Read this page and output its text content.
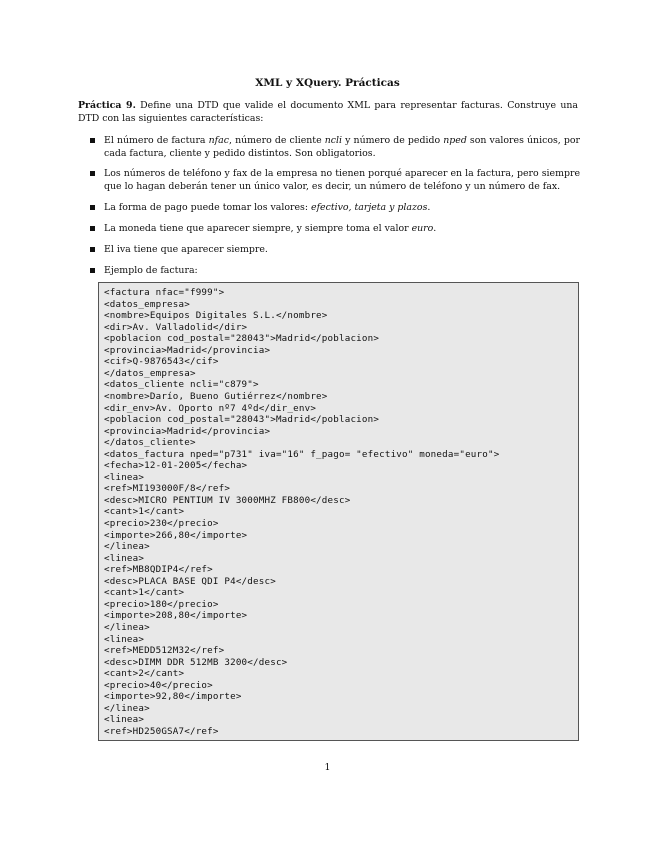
XML y XQuery. Prácticas
Práctica 9. Define una DTD que valide el documento XML para representar facturas. Construye una DTD con las siguientes características:
El número de factura nfac, número de cliente ncli y número de pedido nped son valores únicos, por cada factura, cliente y pedido distintos. Son obligatorios.
Los números de teléfono y fax de la empresa no tienen porqué aparecer en la factura, pero siempre que lo hagan deberán tener un único valor, es decir, un número de teléfono y un número de fax.
La forma de pago puede tomar los valores: efectivo, tarjeta y plazos.
La moneda tiene que aparecer siempre, y siempre toma el valor euro.
El iva tiene que aparecer siempre.
Ejemplo de factura:
<factura nfac="f999">
<datos_empresa>
<nombre>Equipos Digitales S.L.</nombre>
<dir>Av. Valladolid</dir>
<poblacion cod_postal="28043">Madrid</poblacion>
<provincia>Madrid</provincia>
<cif>Q-9876543</cif>
</datos_empresa>
<datos_cliente ncli="c879">
<nombre>Darío, Bueno Gutiérrez</nombre>
<dir_env>Av. Oporto nº7 4ºd</dir_env>
<poblacion cod_postal="28043">Madrid</poblacion>
<provincia>Madrid</provincia>
</datos_cliente>
<datos_factura nped="p731" iva="16" f_pago= "efectivo" moneda="euro">
<fecha>12-01-2005</fecha>
<linea>
<ref>MI193000F/8</ref>
<desc>MICRO PENTIUM IV 3000MHZ FB800</desc>
<cant>1</cant>
<precio>230</precio>
<importe>266,80</importe>
</linea>
<linea>
<ref>MB8QDIP4</ref>
<desc>PLACA BASE QDI P4</desc>
<cant>1</cant>
<precio>180</precio>
<importe>208,80</importe>
</linea>
<linea>
<ref>MEDD512M32</ref>
<desc>DIMM DDR 512MB 3200</desc>
<cant>2</cant>
<precio>40</precio>
<importe>92,80</importe>
</linea>
<linea>
<ref>HD250GSA7</ref>
1
